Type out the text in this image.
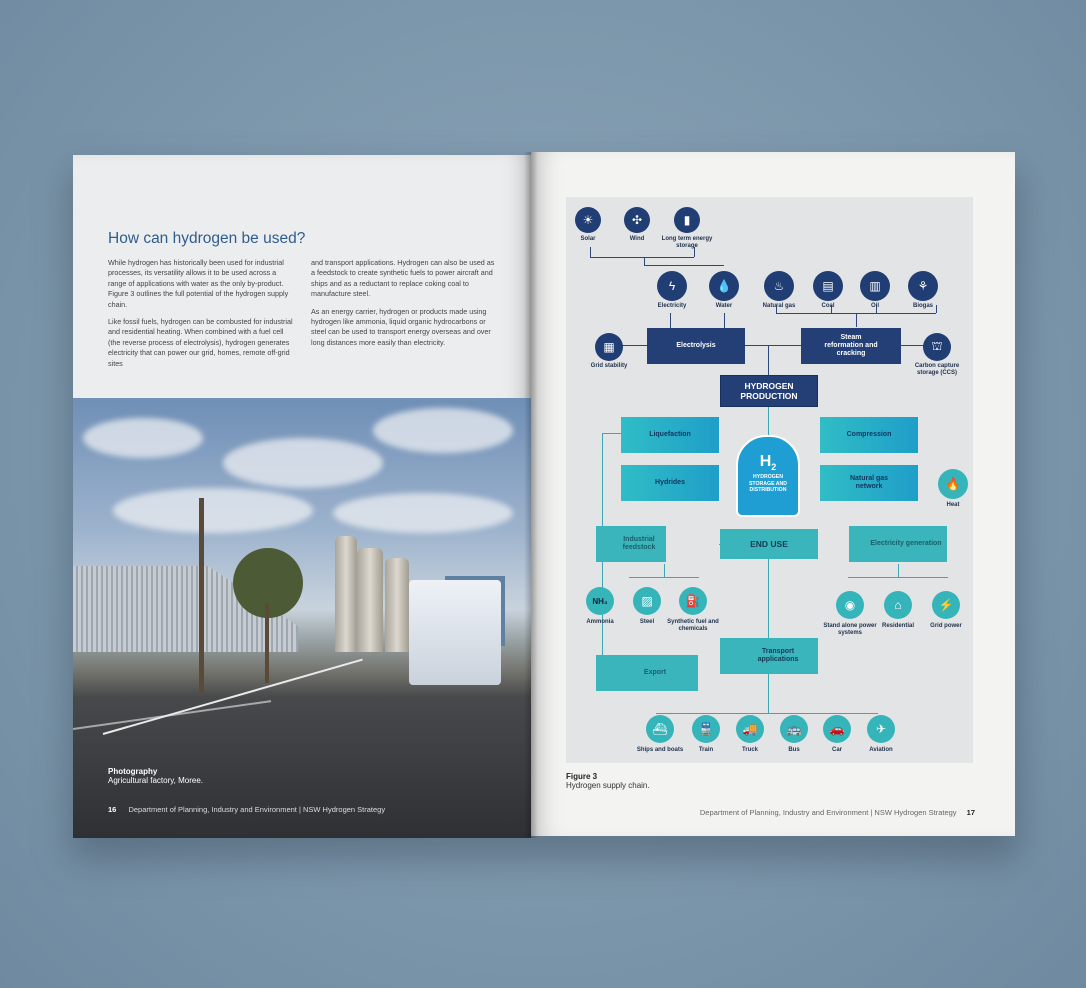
How can hydrogen be used?

While hydrogen has historically been used for industrial processes, its versatility allows it to be used across a range of applications with water as the only by-product. Figure 3 outlines the full potential of the hydrogen supply chain.

Like fossil fuels, hydrogen can be combusted for industrial and residential heating. When combined with a fuel cell (the reverse process of electrolysis), hydrogen generates electricity that can power our grid, homes, remote off-grid sites

and transport applications. Hydrogen can also be used as a feedstock to create synthetic fuels to power aircraft and ships and as a reductant to replace coking coal to manufacture steel.

As an energy carrier, hydrogen or products made using hydrogen like ammonia, liquid organic hydrocarbons or steel can be used to transport energy overseas and over long distances more easily than electricity.

Photography
Agricultural factory, Moree.
16 Department of Planning, Industry and Environment | NSW Hydrogen Strategy
☀
Solar
✣
Wind
▮
Long term energy storage
ϟ
Electricity
💧
Water
♨
Natural gas
▤
Coal
▥
Oil
⚘
Biogas
▦
Grid stability
Electrolysis
Steam reformation and cracking
⛫
Carbon capture storage (CCS)
HYDROGEN PRODUCTION
Liquefaction	Compression
Hydrides
Natural gas network	🔥
Heat
$H_2$
HYDROGEN STORAGE AND DISTRIBUTION
Industrial feedstock	END USE	Electricity generation
NH₃
Ammonia
▨
Steel
⛽
Synthetic fuel and chemicals
◉
Stand alone power systems
⌂
Residential
⚡
Grid power
Transport applications
Export
⛴
Ships and boats
🚆
Train
🚚
Truck
🚌
Bus
🚗
Car
✈
Aviation
Figure 3
Hydrogen supply chain.
Department of Planning, Industry and Environment | NSW Hydrogen Strategy 17
